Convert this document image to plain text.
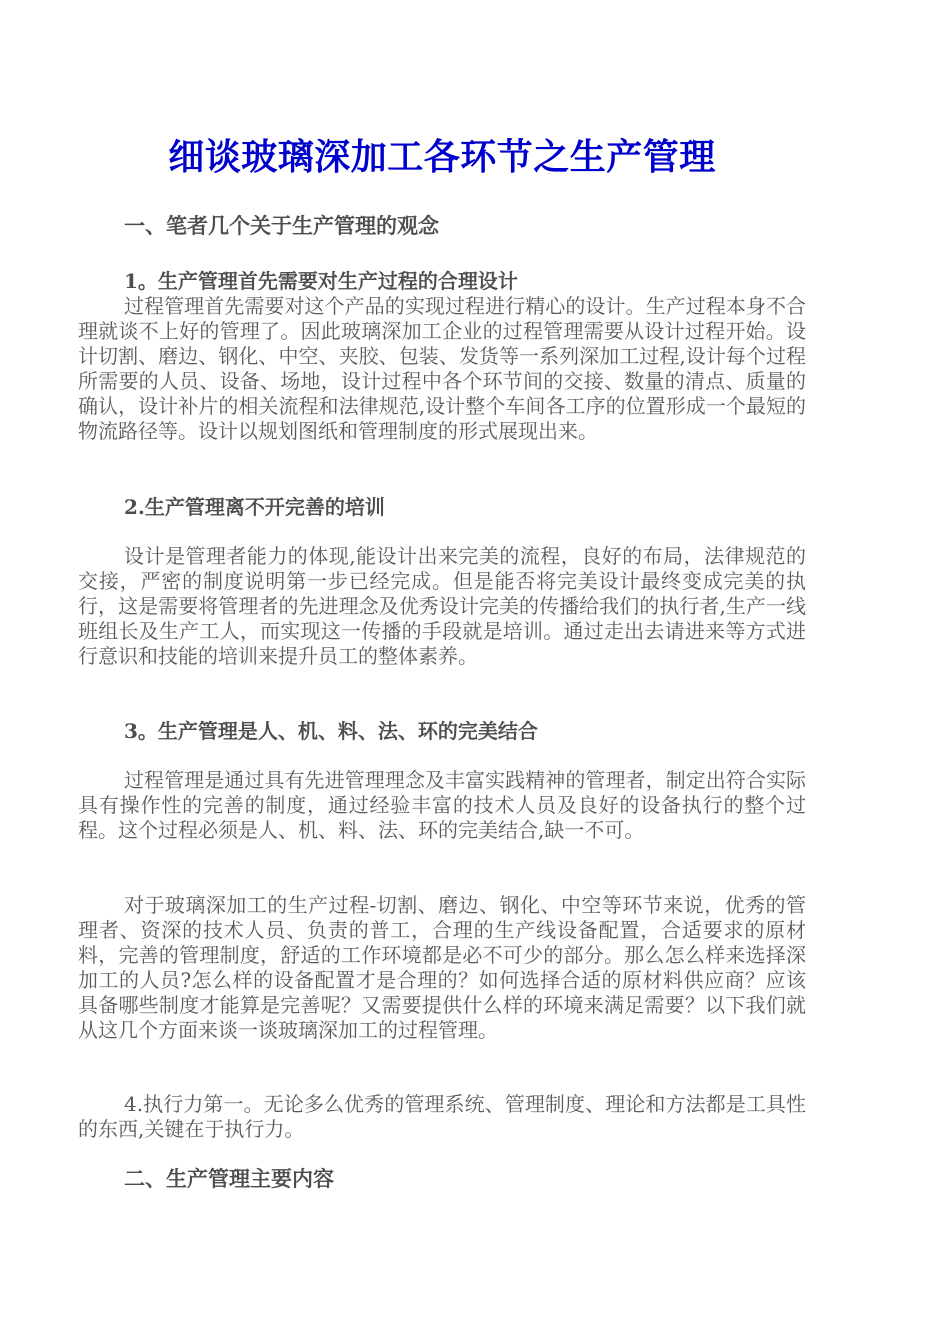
细谈玻璃深加工各环节之生产管理
一、笔者几个关于生产管理的观念
1。生产管理首先需要对生产过程的合理设计

过程管理首先需要对这个产品的实现过程进行精心的设计。生产过程本身不合理就谈不上好的管理了。因此玻璃深加工企业的过程管理需要从设计过程开始。设计切割、磨边、钢化、中空、夹胶、包装、发货等一系列深加工过程,设计每个过程所需要的人员、设备、场地，设计过程中各个环节间的交接、数量的清点、质量的确认，设计补片的相关流程和法律规范,设计整个车间各工序的位置形成一个最短的物流路径等。设计以规划图纸和管理制度的形式展现出来。

2.生产管理离不开完善的培训

设计是管理者能力的体现,能设计出来完美的流程，良好的布局，法律规范的交接，严密的制度说明第一步已经完成。但是能否将完美设计最终变成完美的执行，这是需要将管理者的先进理念及优秀设计完美的传播给我们的执行者,生产一线班组长及生产工人，而实现这一传播的手段就是培训。通过走出去请进来等方式进行意识和技能的培训来提升员工的整体素养。

3。生产管理是人、机、料、法、环的完美结合

过程管理是通过具有先进管理理念及丰富实践精神的管理者，制定出符合实际具有操作性的完善的制度，通过经验丰富的技术人员及良好的设备执行的整个过程。这个过程必须是人、机、料、法、环的完美结合,缺一不可。

对于玻璃深加工的生产过程-切割、磨边、钢化、中空等环节来说，优秀的管理者、资深的技术人员、负责的普工，合理的生产线设备配置，合适要求的原材料，完善的管理制度，舒适的工作环境都是必不可少的部分。那么怎么样来选择深加工的人员?怎么样的设备配置才是合理的？如何选择合适的原材料供应商？应该具备哪些制度才能算是完善呢？又需要提供什么样的环境来满足需要？以下我们就从这几个方面来谈一谈玻璃深加工的过程管理。

4.执行力第一。无论多么优秀的管理系统、管理制度、理论和方法都是工具性的东西,关键在于执行力。

二、生产管理主要内容
